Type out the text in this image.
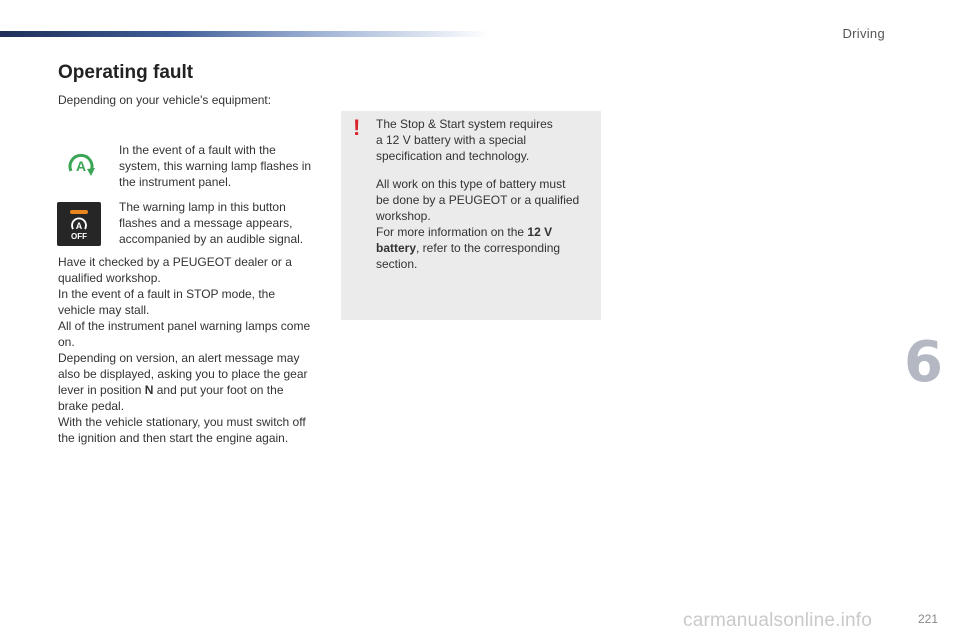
Driving
Operating fault
Depending on your vehicle's equipment:
A
In the event of a fault with the
system, this warning lamp flashes in
the instrument panel.
A
OFF
The warning lamp in this button
flashes and a message appears,
accompanied by an audible signal.
Have it checked by a PEUGEOT dealer or a
qualified workshop.
In the event of a fault in STOP mode, the
vehicle may stall.
All of the instrument panel warning lamps come
on.
Depending on version, an alert message may
also be displayed, asking you to place the gear
lever in position N and put your foot on the
brake pedal.
With the vehicle stationary, you must switch off
the ignition and then start the engine again.
! The Stop & Start system requires
a 12 V battery with a special
specification and technology.
All work on this type of battery must
be done by a PEUGEOT or a qualified
workshop.
For more information on the 12 V
battery, refer to the corresponding
section.
6
carmanualsonline.info	221
